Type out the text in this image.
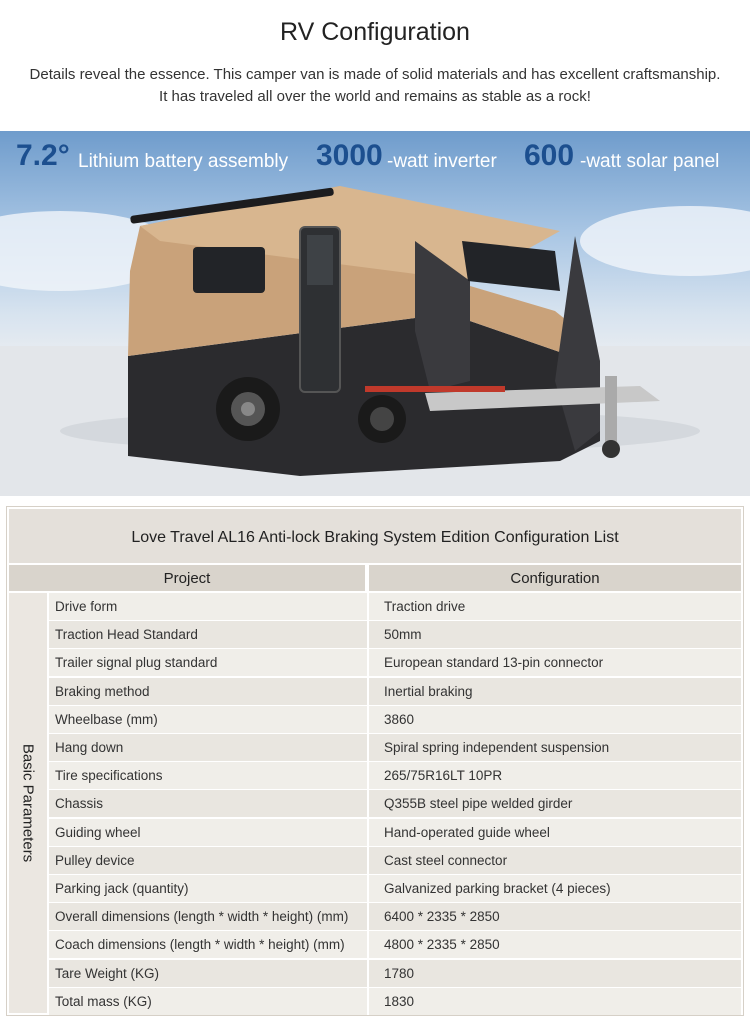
RV Configuration

Details reveal the essence. This camper van is made of solid materials and has excellent craftsmanship.
It has traveled all over the world and remains as stable as a rock!

7.2° Lithium battery assembly 3000 -watt inverter 600 -watt solar panel
Love Travel AL16 Anti-lock Braking System Edition Configuration List
Project	Configuration
Basic Parameters
Drive form	Traction drive
Traction Head Standard	50mm
Trailer signal plug standard	European standard 13-pin connector
Braking method	Inertial braking
Wheelbase (mm)	3860
Hang down	Spiral spring independent suspension
Tire specifications	265/75R16LT 10PR
Chassis	Q355B steel pipe welded girder
Guiding wheel	Hand-operated guide wheel
Pulley device	Cast steel connector
Parking jack (quantity)	Galvanized parking bracket (4 pieces)
Overall dimensions (length * width * height) (mm)	6400 * 2335 * 2850
Coach dimensions (length * width * height) (mm)	4800 * 2335 * 2850
Tare Weight (KG)	1780
Total mass (KG)	1830
